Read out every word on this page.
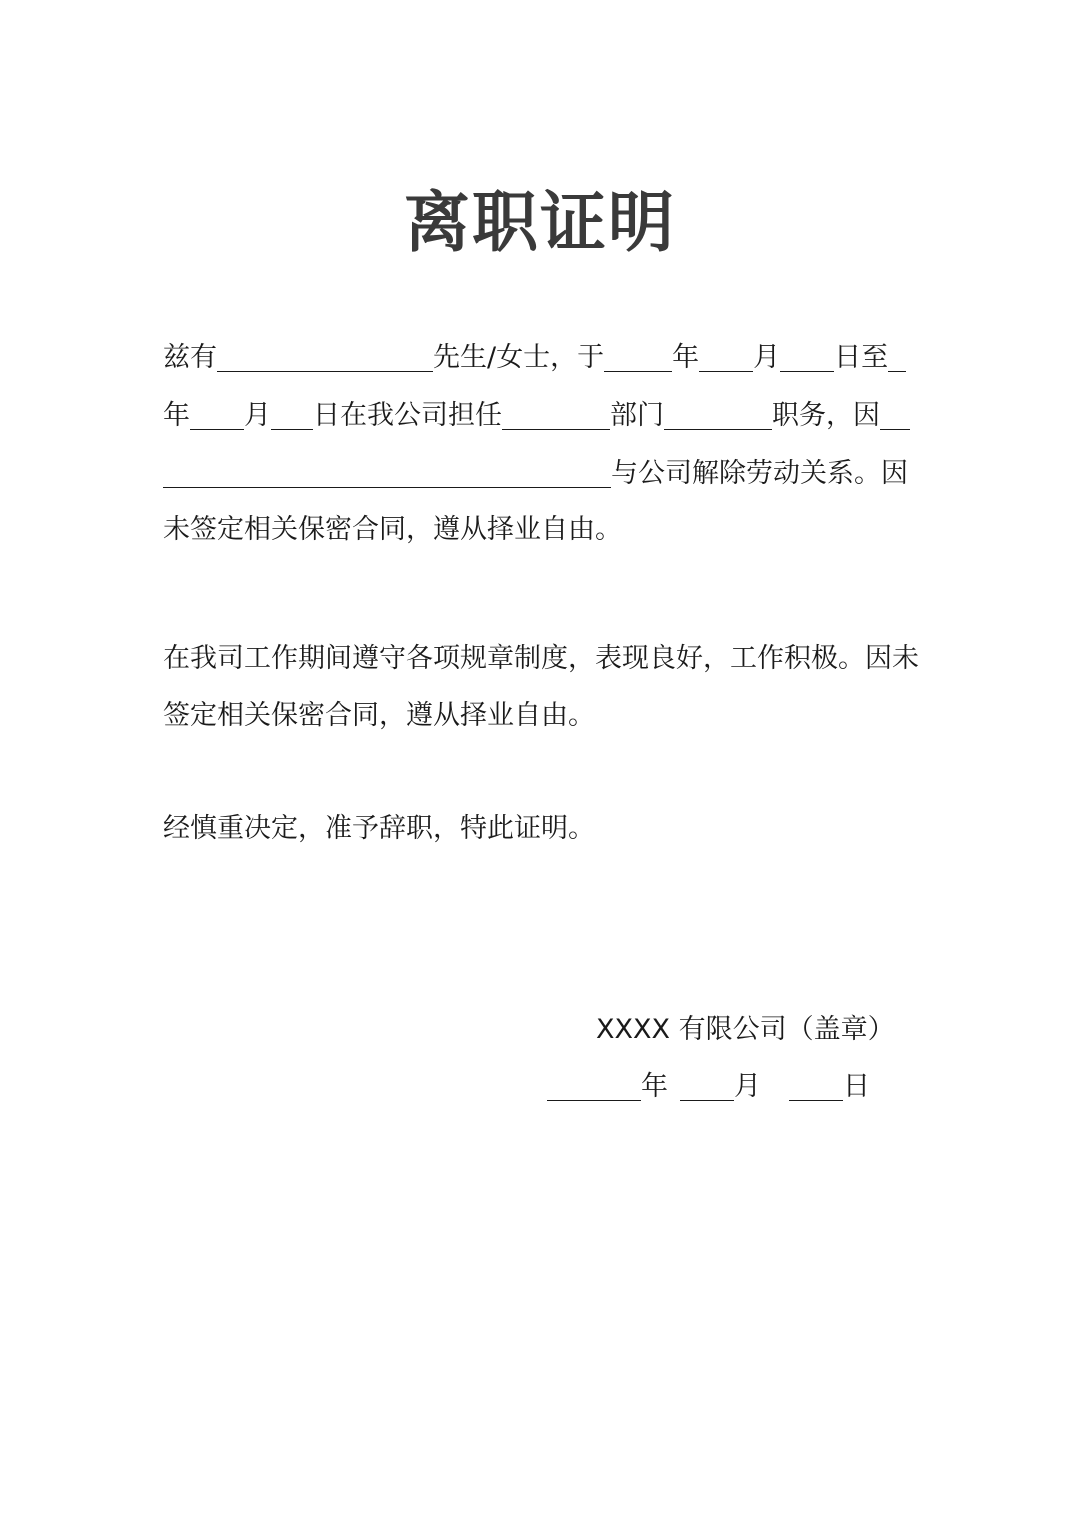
离职证明
兹有	先生/女士，于	年 月 日至
年 月 日在我公司担任	部门	职务，因
与公司解除劳动关系。因
未签定相关保密合同，遵从择业自由。
在我司工作期间遵守各项规章制度，表现良好，工作积极。因未
签定相关保密合同，遵从择业自由。
经慎重决定，准予辞职，特此证明。
XXXX 有限公司（盖章）
年 月	日
